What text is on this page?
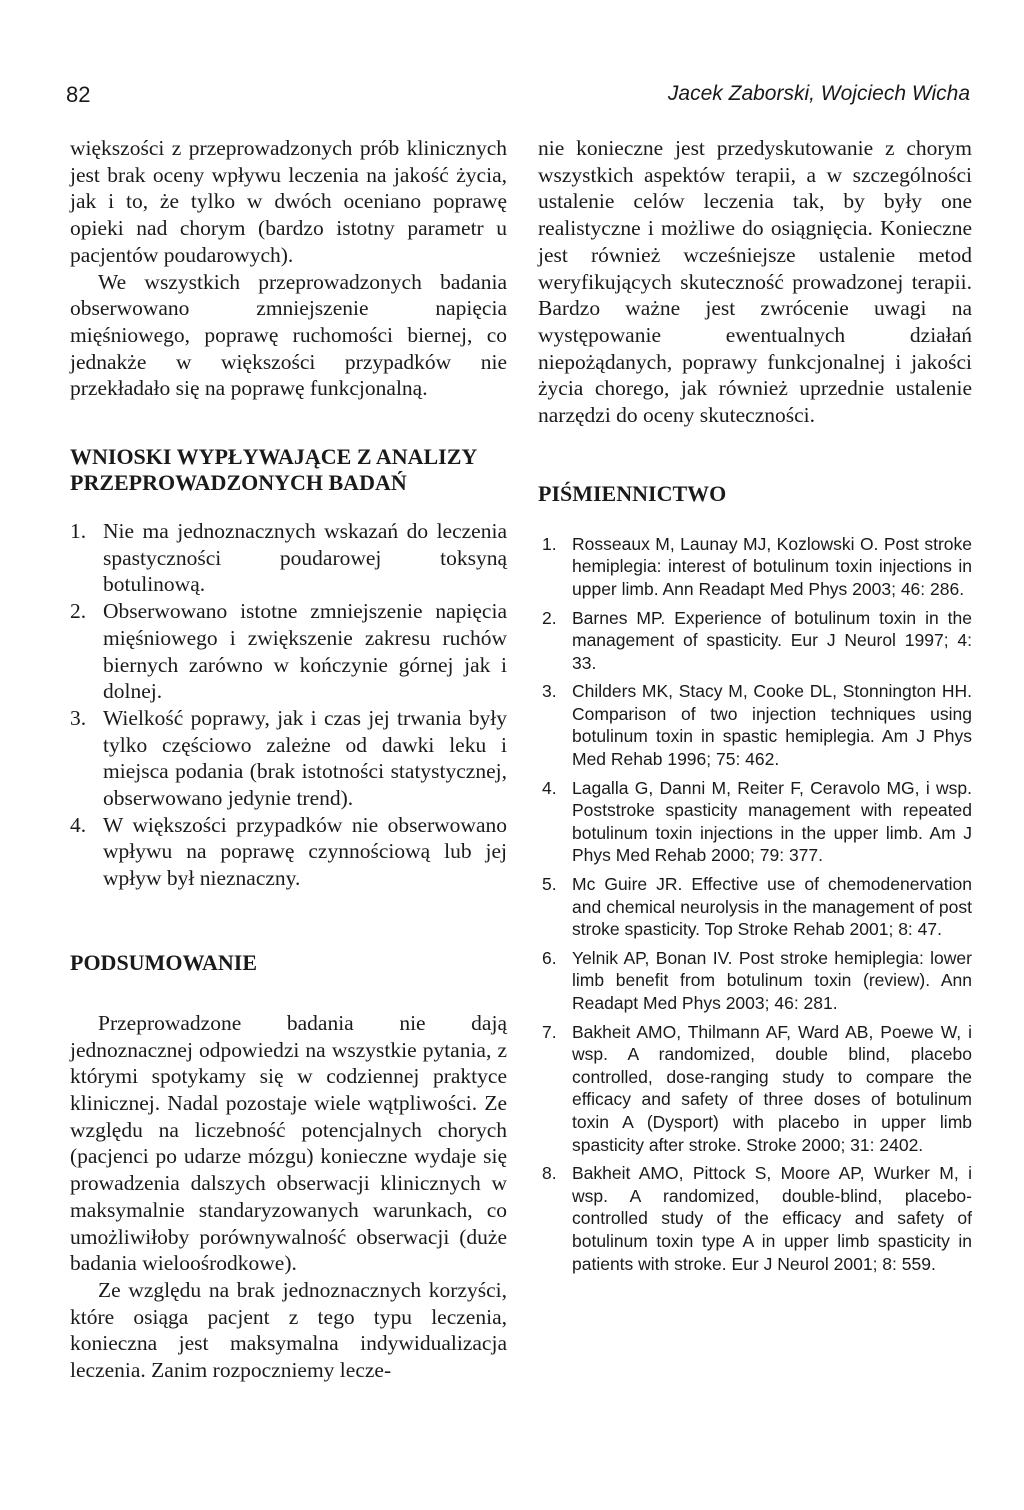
82	Jacek Zaborski, Wojciech Wicha

większości z przeprowadzonych prób klinicznych jest brak oceny wpływu leczenia na jakość życia, jak i to, że tylko w dwóch oceniano poprawę opieki nad chorym (bardzo istotny parametr u pacjentów poudarowych).

We wszystkich przeprowadzonych badania obserwowano zmniejszenie napięcia mięśniowego, poprawę ruchomości biernej, co jednakże w większości przypadków nie przekładało się na poprawę funkcjonalną.

WNIOSKI WYPŁYWAJĄCE Z ANALIZY
PRZEPROWADZONYCH BADAŃ
1. Nie ma jednoznacznych wskazań do leczenia spastyczności poudarowej toksyną botulinową.
2. Obserwowano istotne zmniejszenie napięcia mięśniowego i zwiększenie zakresu ruchów biernych zarówno w kończynie górnej jak i dolnej.
3. Wielkość poprawy, jak i czas jej trwania były tylko częściowo zależne od dawki leku i miejsca podania (brak istotności statystycznej, obserwowano jedynie trend).
4. W większości przypadków nie obserwowano wpływu na poprawę czynnościową lub jej wpływ był nieznaczny.
PODSUMOWANIE

Przeprowadzone badania nie dają jednoznacznej odpowiedzi na wszystkie pytania, z którymi spotykamy się w codziennej praktyce klinicznej. Nadal pozostaje wiele wątpliwości. Ze względu na liczebność potencjalnych chorych (pacjenci po udarze mózgu) konieczne wydaje się prowadzenia dalszych obserwacji klinicznych w maksymalnie standaryzowanych warunkach, co umożliwiłoby porównywalność obserwacji (duże badania wieloośrodkowe).

Ze względu na brak jednoznacznych korzyści, które osiąga pacjent z tego typu leczenia, konieczna jest maksymalna indywidualizacja leczenia. Zanim rozpoczniemy lecze-

nie konieczne jest przedyskutowanie z chorym wszystkich aspektów terapii, a w szczególności ustalenie celów leczenia tak, by były one realistyczne i możliwe do osiągnięcia. Konieczne jest również wcześniejsze ustalenie metod weryfikujących skuteczność prowadzonej terapii. Bardzo ważne jest zwrócenie uwagi na występowanie ewentualnych działań niepożądanych, poprawy funkcjonalnej i jakości życia chorego, jak również uprzednie ustalenie narzędzi do oceny skuteczności.

PIŚMIENNICTWO
1. Rosseaux M, Launay MJ, Kozlowski O. Post stroke hemiplegia: interest of botulinum toxin injections in upper limb. Ann Readapt Med Phys 2003; 46: 286.
2. Barnes MP. Experience of botulinum toxin in the management of spasticity. Eur J Neurol 1997; 4: 33.
3. Childers MK, Stacy M, Cooke DL, Stonnington HH. Comparison of two injection techniques using botulinum toxin in spastic hemiplegia. Am J Phys Med Rehab 1996; 75: 462.
4. Lagalla G, Danni M, Reiter F, Ceravolo MG, i wsp. Poststroke spasticity management with repeated botulinum toxin injections in the upper limb. Am J Phys Med Rehab 2000; 79: 377.
5. Mc Guire JR. Effective use of chemodenervation and chemical neurolysis in the management of post stroke spasticity. Top Stroke Rehab 2001; 8: 47.
6. Yelnik AP, Bonan IV. Post stroke hemiplegia: lower limb benefit from botulinum toxin (review). Ann Readapt Med Phys 2003; 46: 281.
7. Bakheit AMO, Thilmann AF, Ward AB, Poewe W, i wsp. A randomized, double blind, placebo controlled, dose-ranging study to compare the efficacy and safety of three doses of botulinum toxin A (Dysport) with placebo in upper limb spasticity after stroke. Stroke 2000; 31: 2402.
8. Bakheit AMO, Pittock S, Moore AP, Wurker M, i wsp. A randomized, double-blind, placebo-controlled study of the efficacy and safety of botulinum toxin type A in upper limb spasticity in patients with stroke. Eur J Neurol 2001; 8: 559.
